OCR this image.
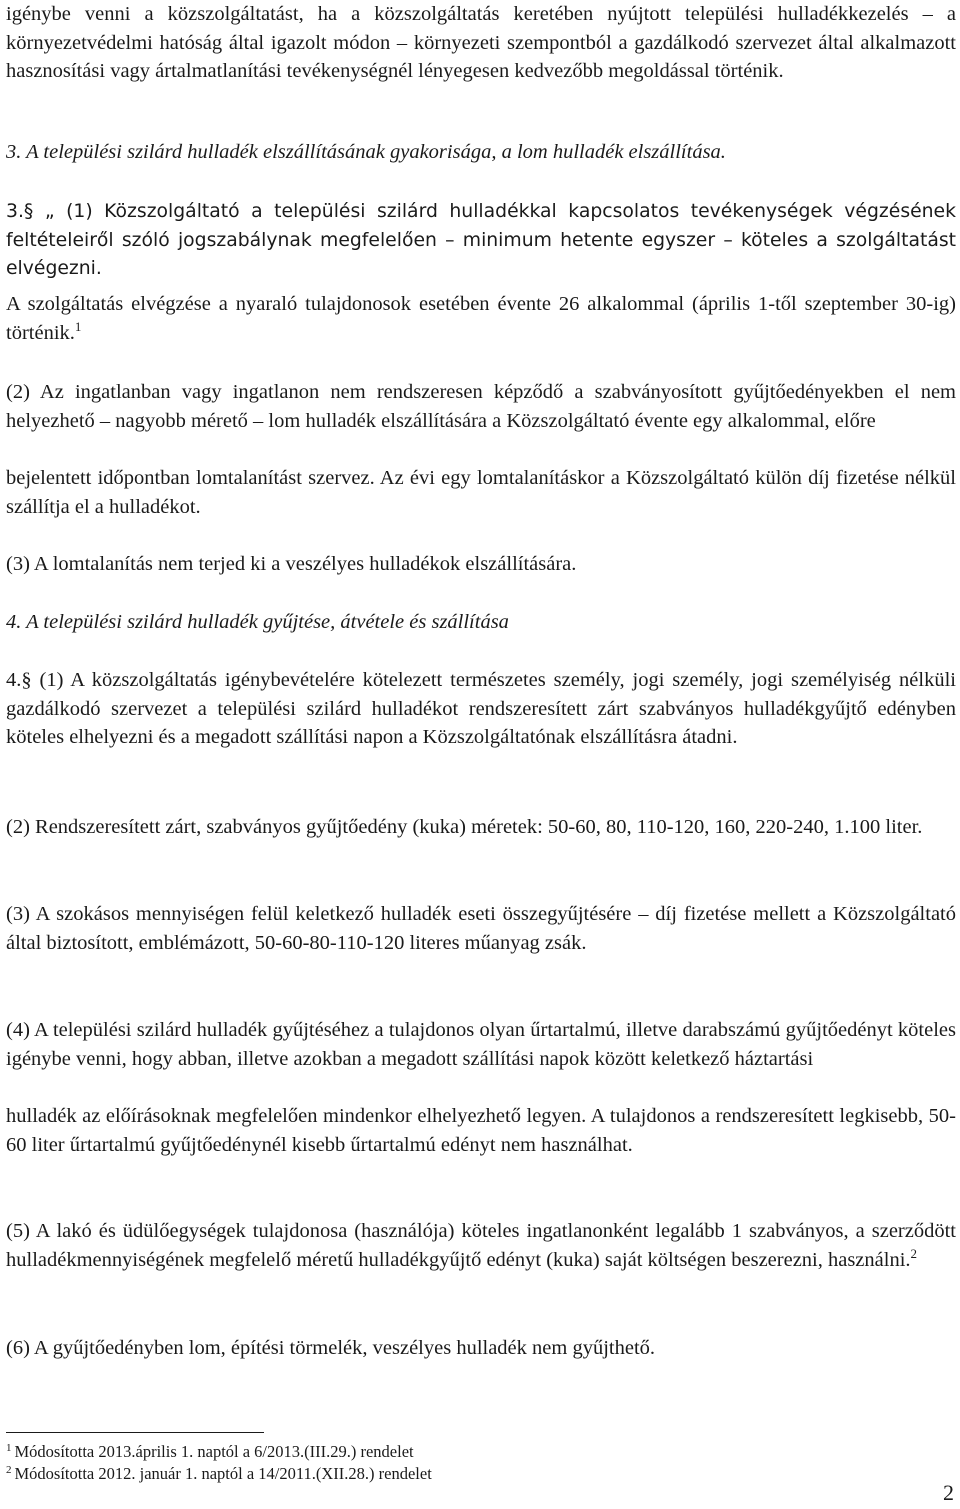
igénybe venni a közszolgáltatást, ha a közszolgáltatás keretében nyújtott települési hulladékkezelés – a környezetvédelmi hatóság által igazolt módon – környezeti szempontból a gazdálkodó szervezet által alkalmazott hasznosítási vagy ártalmatlanítási tevékenységnél lényegesen kedvezőbb megoldással történik.

3. A települési szilárd hulladék elszállításának gyakorisága, a lom hulladék elszállítása.

3.§ „ (1) Közszolgáltató a települési szilárd hulladékkal kapcsolatos tevékenységek végzésének feltételeiről szóló jogszabálynak megfelelően – minimum hetente egyszer – köteles a szolgáltatást elvégezni.

A szolgáltatás elvégzése a nyaraló tulajdonosok esetében évente 26 alkalommal (április 1-től szeptember 30-ig) történik.$^1$

(2) Az ingatlanban vagy ingatlanon nem rendszeresen képződő a szabványosított gyűjtőedényekben el nem helyezhető – nagyobb mérető – lom hulladék elszállítására a Közszolgáltató évente egy alkalommal, előre

bejelentett időpontban lomtalanítást szervez. Az évi egy lomtalanításkor a Közszolgáltató külön díj fizetése nélkül szállítja el a hulladékot.

(3) A lomtalanítás nem terjed ki a veszélyes hulladékok elszállítására.

4. A települési szilárd hulladék gyűjtése, átvétele és szállítása

4.§ (1) A közszolgáltatás igénybevételére kötelezett természetes személy, jogi személy, jogi személyiség nélküli gazdálkodó szervezet a települési szilárd hulladékot rendszeresített zárt szabványos hulladékgyűjtő edényben köteles elhelyezni és a megadott szállítási napon a Közszolgáltatónak elszállításra átadni.

(2) Rendszeresített zárt, szabványos gyűjtőedény (kuka) méretek: 50-60, 80, 110-120, 160, 220-240, 1.100 liter.

(3) A szokásos mennyiségen felül keletkező hulladék eseti összegyűjtésére – díj fizetése mellett a Közszolgáltató által biztosított, emblémázott, 50-60-80-110-120 literes műanyag zsák.

(4) A települési szilárd hulladék gyűjtéséhez a tulajdonos olyan űrtartalmú, illetve darabszámú gyűjtőedényt köteles igénybe venni, hogy abban, illetve azokban a megadott szállítási napok között keletkező háztartási

hulladék az előírásoknak megfelelően mindenkor elhelyezhető legyen. A tulajdonos a rendszeresített legkisebb, 50-60 liter űrtartalmú gyűjtőedénynél kisebb űrtartalmú edényt nem használhat.

(5) A lakó és üdülőegységek tulajdonosa (használója) köteles ingatlanonként legalább 1 szabványos, a szerződött hulladékmennyiségének megfelelő méretű hulladékgyűjtő edényt (kuka) saját költségen beszerezni, használni.$^2$

(6) A gyűjtőedényben lom, építési törmelék, veszélyes hulladék nem gyűjthető.

$^1$ Módosította 2013.április 1. naptól a 6/2013.(III.29.) rendelet

$^2$ Módosította 2012. január 1. naptól a 14/2011.(XII.28.) rendelet

2
